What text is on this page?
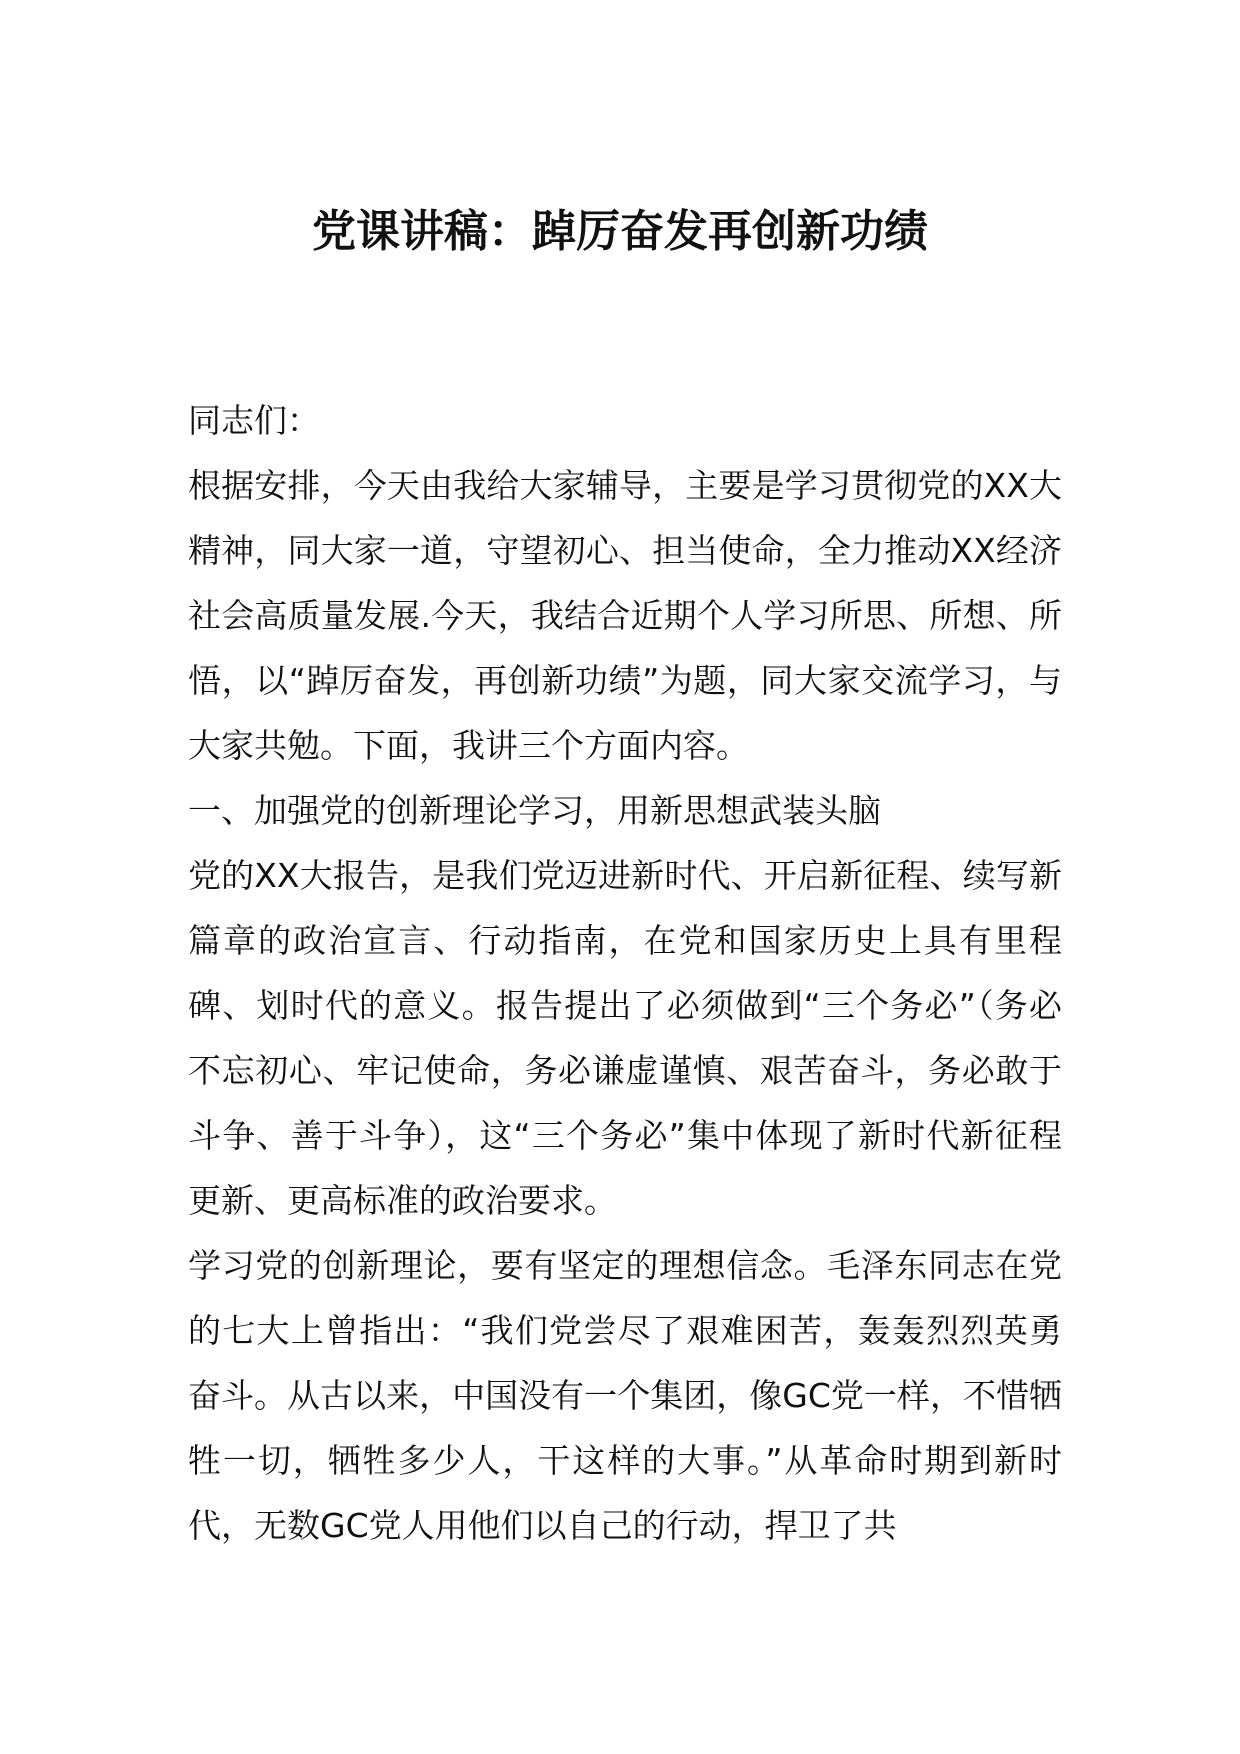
党课讲稿：踔厉奋发再创新功绩

同志们：

根据安排，今天由我给大家辅导，主要是学习贯彻党的XX大精神，同大家一道，守望初心、担当使命，全力推动XX经济社会高质量发展.今天，我结合近期个人学习所思、所想、所悟，以“踔厉奋发，再创新功绩”为题，同大家交流学习，与大家共勉。下面，我讲三个方面内容。

一、加强党的创新理论学习，用新思想武装头脑

党的XX大报告，是我们党迈进新时代、开启新征程、续写新篇章的政治宣言、行动指南，在党和国家历史上具有里程碑、划时代的意义。报告提出了必须做到“三个务必”（务必不忘初心、牢记使命，务必谦虚谨慎、艰苦奋斗，务必敢于斗争、善于斗争），这“三个务必”集中体现了新时代新征程更新、更高标准的政治要求。

学习党的创新理论，要有坚定的理想信念。毛泽东同志在党的七大上曾指出：“我们党尝尽了艰难困苦，轰轰烈烈英勇奋斗。从古以来，中国没有一个集团，像GC党一样，不惜牺牲一切，牺牲多少人，干这样的大事。”从革命时期到新时代，无数GC党人用他们以自己的行动，捍卫了共
